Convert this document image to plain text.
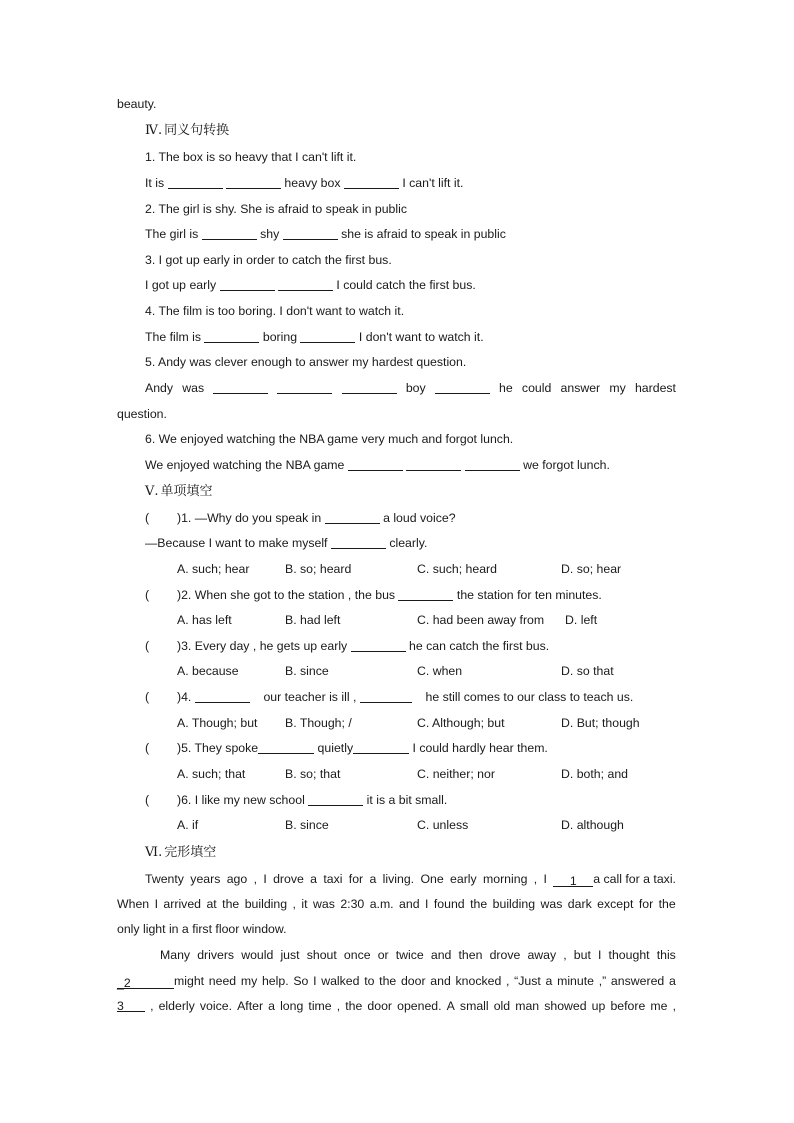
beauty.
Ⅳ. 同义句转换
1. The box is so heavy that I can't lift it.
It is	heavy box	I can't lift it.
2. The girl is shy. She is afraid to speak in public
The girl is	shy	she is afraid to speak in public
3. I got up early in order to catch the first bus.
I got up early	I could catch the first bus.
4. The film is too boring. I don't want to watch it.
The film is	boring	I don't want to watch it.
5. Andy was clever enough to answer my hardest question.
Andy was	boy	he could answer my hardest
question.
6. We enjoyed watching the NBA game very much and forgot lunch.
We enjoyed watching the NBA game	we forgot lunch.
Ⅴ. 单项填空
( )1. —Why do you speak in	a loud voice?
—Because I want to make myself	clearly.
A. such; hear	B. so; heard	C. such; heard	D. so; hear
( )2. When she got to the station , the bus	the station for ten minutes.
A. has left	B. had left	C. had been away from D. left
( )3. Every day , he gets up early	he can catch the first bus.
A. because	B. since	C. when	D. so that
( )4.	our teacher is ill ,	he still comes to our class to teach us.
A. Though; but B. Though; /	C. Although; but	D. But; though
( )5. They spoke	quietly	I could hardly hear them.
A. such; that	B. so; that	C. neither; nor	D. both; and
( )6. I like my new school	it is a bit small.
A. if	B. since	C. unless	D. although
Ⅵ. 完形填空
Twenty years ago , I drove a taxi for a living. One early morning , I	1 a call for a taxi.
When I arrived at the building , it was 2:30 a.m. and I found the building was dark except for the
only light in a first floor window.
Many drivers would just shout once or twice and then drove away , but I thought this
_2	might need my help. So I walked to the door and knocked , “Just a minute ,” answered a
3	, elderly voice. After a long time , the door opened. A small old man showed up before me ,
